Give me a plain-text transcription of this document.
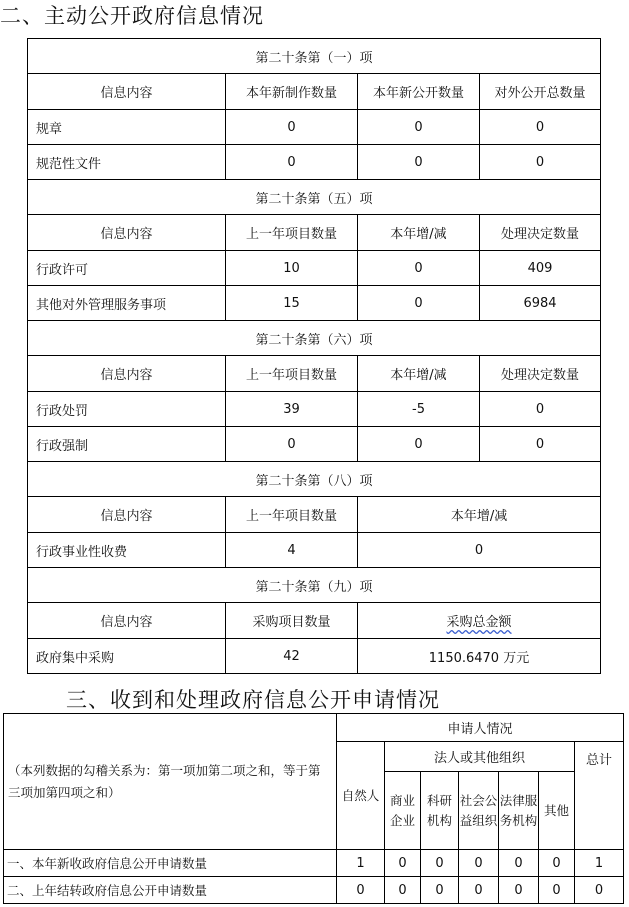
二、主动公开政府信息情况
第二十条第（一）项			
信息内容	本年新制作数量	本年新公开数量	对外公开总数量
规章	0	0	0
规范性文件	0	0	0
第二十条第（五）项			
信息内容	上一年项目数量	本年增/减	处理决定数量
行政许可	10	0	409
其他对外管理服务事项	15	0	6984
第二十条第（六）项			
信息内容	上一年项目数量	本年增/减	处理决定数量
行政处罚	39	-5	0
行政强制	0	0	0
第二十条第（八）项			
信息内容	上一年项目数量	本年增/减	
行政事业性收费	4	0	
第二十条第（九）项			
信息内容	采购项目数量	采购总金额	
政府集中采购	42	1150.6470 万元	
三、收到和处理政府信息公开申请情况
（本列数据的勾稽关系为：第一项加第二项之和，等于第三项加第四项之和）	申请人情况						
	自然人	法人或其他组织					总计
		商业企业	科研机构	社会公益组织	法律服务机构	其他	
一、本年新收政府信息公开申请数量	1	0	0	0	0	0	1
二、上年结转政府信息公开申请数量	0	0	0	0	0	0	0
